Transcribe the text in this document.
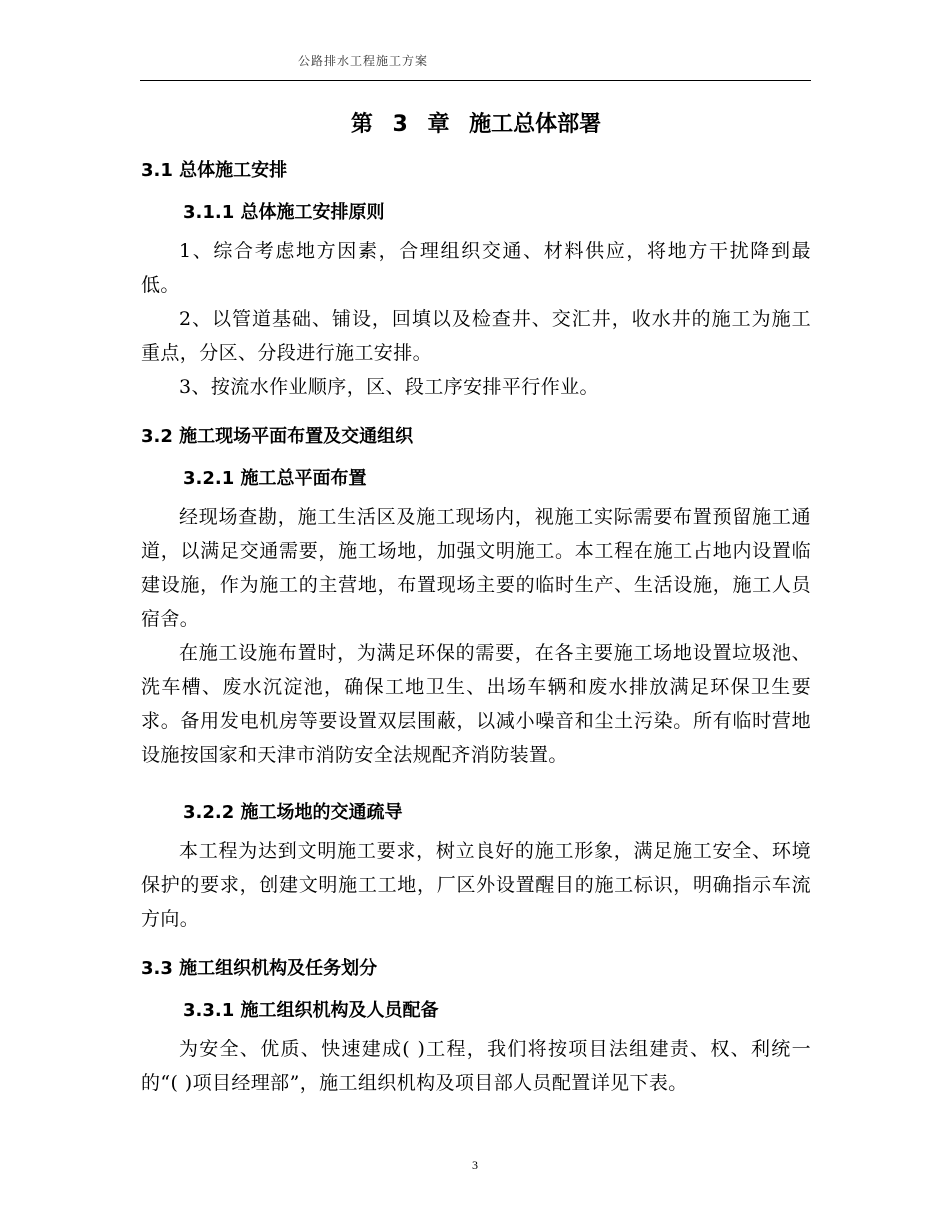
公路排水工程施工方案
第 3 章 施工总体部署
3.1 总体施工安排
3.1.1 总体施工安排原则

1、综合考虑地方因素，合理组织交通、材料供应，将地方干扰降到最低。

2、以管道基础、铺设，回填以及检查井、交汇井，收水井的施工为施工重点，分区、分段进行施工安排。

3、按流水作业顺序，区、段工序安排平行作业。

3.2 施工现场平面布置及交通组织
3.2.1 施工总平面布置

经现场查勘，施工生活区及施工现场内，视施工实际需要布置预留施工通道，以满足交通需要，施工场地，加强文明施工。本工程在施工占地内设置临建设施，作为施工的主营地，布置现场主要的临时生产、生活设施，施工人员宿舍。

在施工设施布置时，为满足环保的需要，在各主要施工场地设置垃圾池、洗车槽、废水沉淀池，确保工地卫生、出场车辆和废水排放满足环保卫生要求。备用发电机房等要设置双层围蔽，以减小噪音和尘土污染。所有临时营地设施按国家和天津市消防安全法规配齐消防装置。

3.2.2 施工场地的交通疏导

本工程为达到文明施工要求，树立良好的施工形象，满足施工安全、环境保护的要求，创建文明施工工地，厂区外设置醒目的施工标识，明确指示车流方向。

3.3 施工组织机构及任务划分
3.3.1 施工组织机构及人员配备

为安全、优质、快速建成( )工程，我们将按项目法组建责、权、利统一的“( )项目经理部”，施工组织机构及项目部人员配置详见下表。

3
